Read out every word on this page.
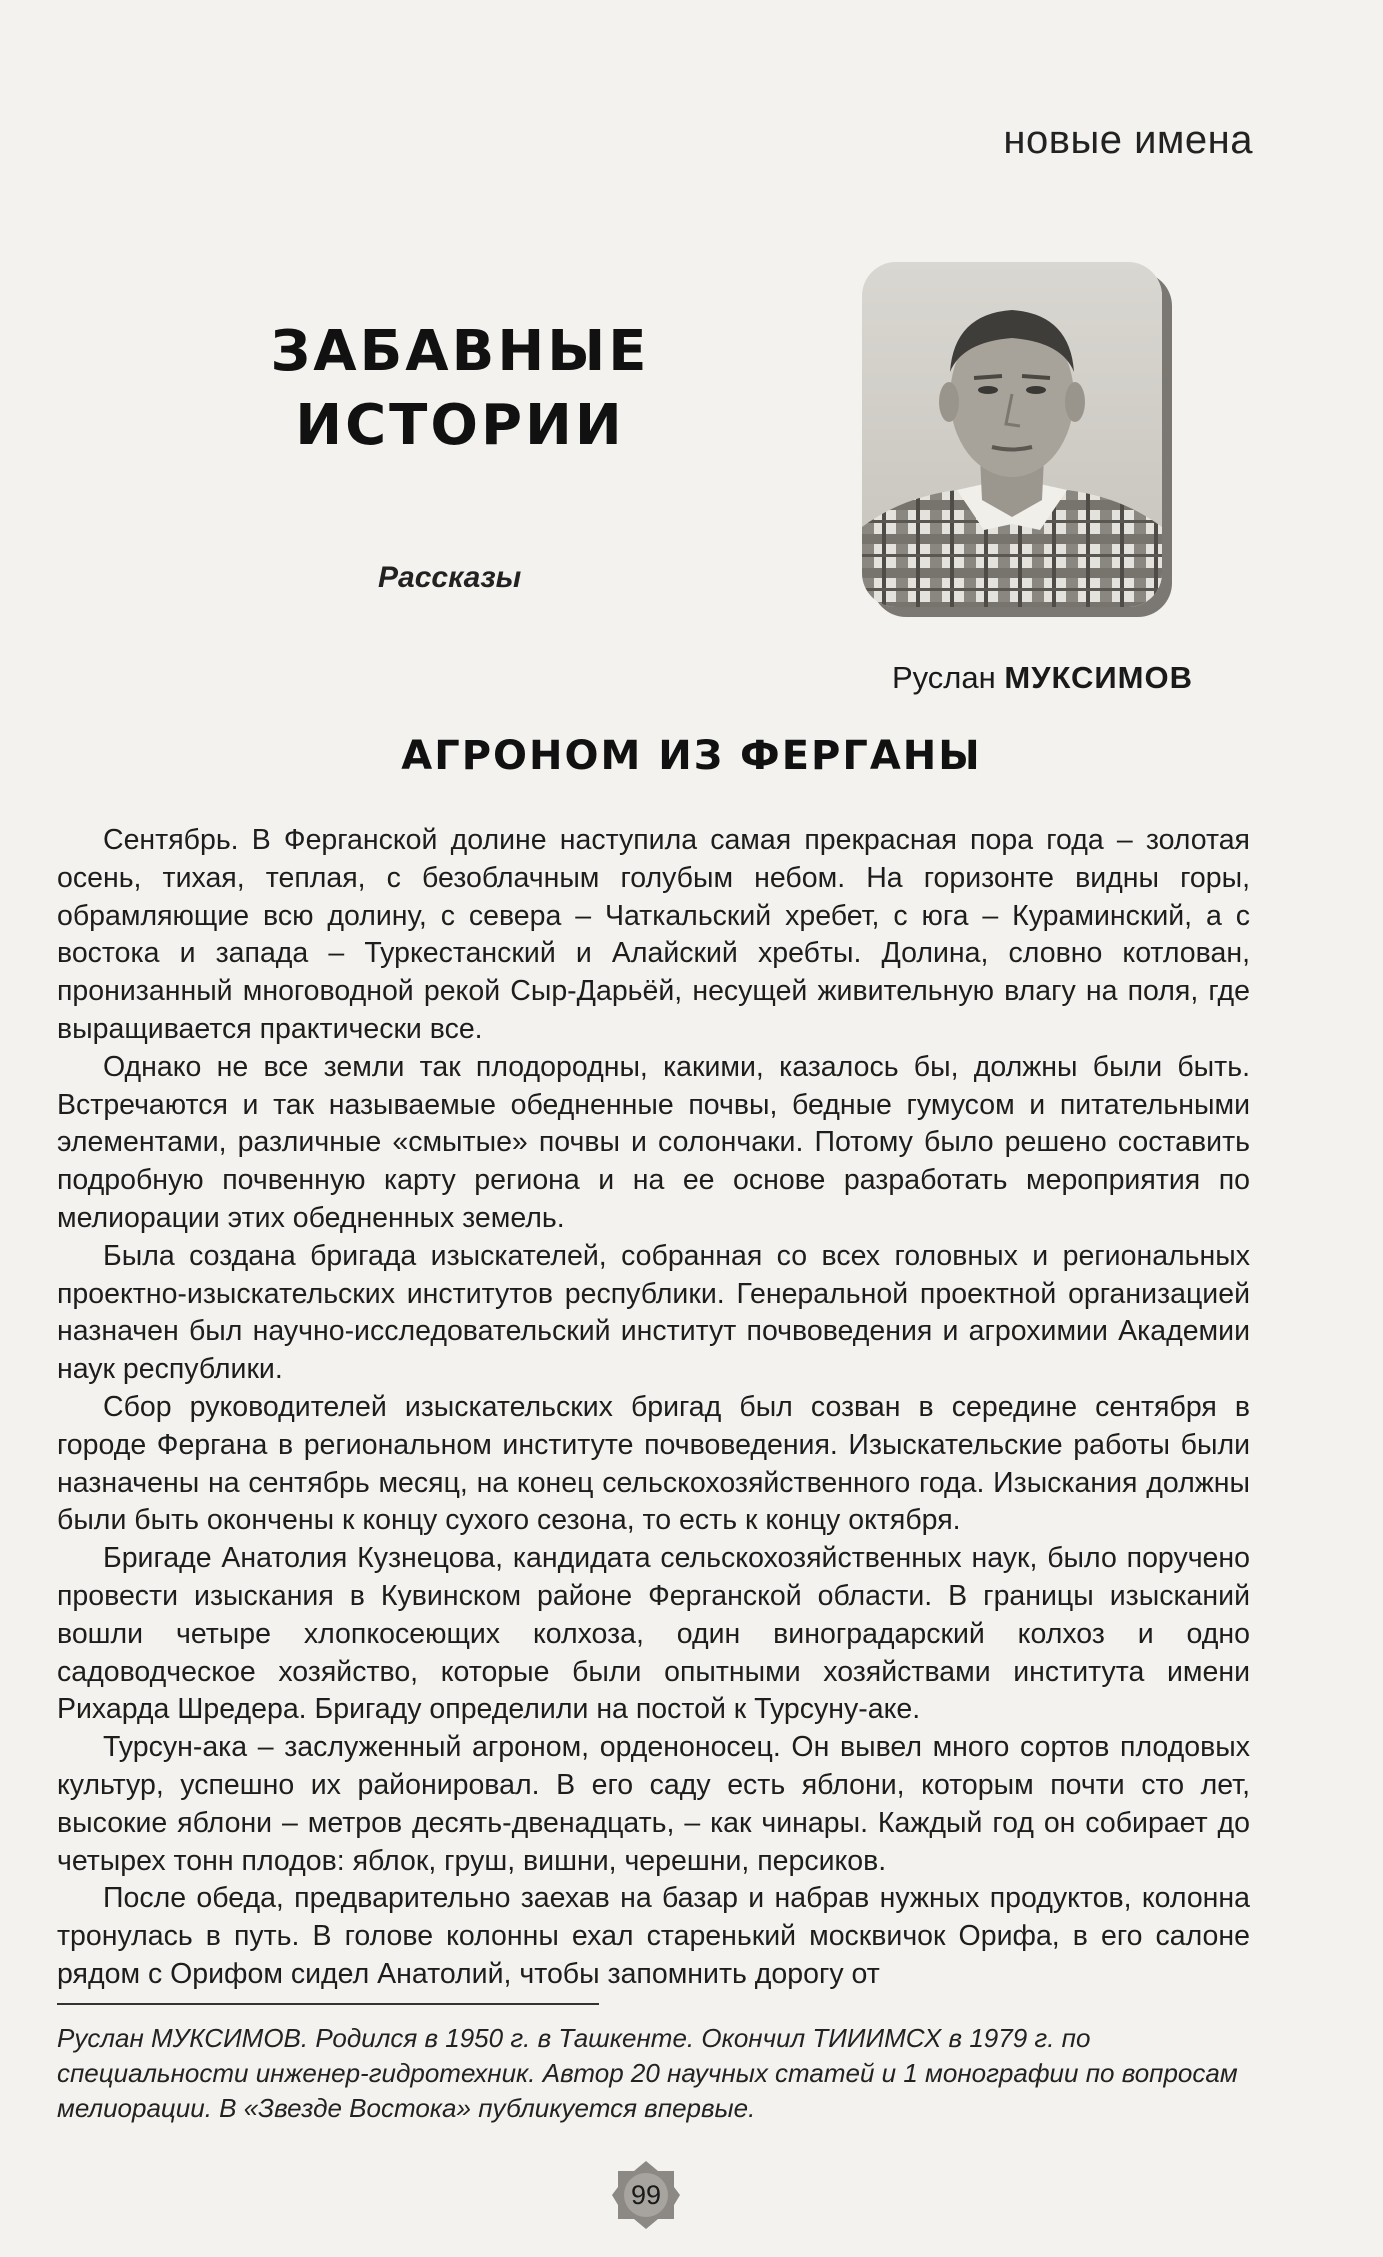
новые имена
ЗАБАВНЫЕ
ИСТОРИИ
Рассказы
Руслан МУКСИМОВ
АГРОНОМ ИЗ ФЕРГАНЫ

Сентябрь. В Ферганской долине наступила самая прекрасная пора года – золотая осень, тихая, теплая, с безоблачным голубым небом. На горизонте видны горы, обрамляющие всю долину, с севера – Чаткальский хребет, с юга – Кураминский, а с востока и запада – Туркестанский и Алайский хребты. Долина, словно котлован, пронизанный многоводной рекой Сыр-Дарьёй, несущей живительную влагу на поля, где выращивается практически все.

Однако не все земли так плодородны, какими, казалось бы, должны были быть. Встречаются и так называемые обедненные почвы, бедные гумусом и питательными элементами, различные «смытые» почвы и солончаки. Потому было решено составить подробную почвенную карту региона и на ее основе разработать мероприятия по мелиорации этих обедненных земель.

Была создана бригада изыскателей, собранная со всех головных и региональных проектно-изыскательских институтов республики. Генеральной проектной организацией назначен был научно-исследовательский институт почвоведения и агрохимии Академии наук республики.

Сбор руководителей изыскательских бригад был созван в середине сентября в городе Фергана в региональном институте почвоведения. Изыскательские работы были назначены на сентябрь месяц, на конец сельскохозяйственного года. Изыскания должны были быть окончены к концу сухого сезона, то есть к концу октября.

Бригаде Анатолия Кузнецова, кандидата сельскохозяйственных наук, было поручено провести изыскания в Кувинском районе Ферганской области. В границы изысканий вошли четыре хлопкосеющих колхоза, один виноградарский колхоз и одно садоводческое хозяйство, которые были опытными хозяйствами института имени Рихарда Шредера. Бригаду определили на постой к Турсуну-аке.

Турсун-ака – заслуженный агроном, орденоносец. Он вывел много сортов плодовых культур, успешно их районировал. В его саду есть яблони, которым почти сто лет, высокие яблони – метров десять-двенадцать, – как чинары. Каждый год он собирает до четырех тонн плодов: яблок, груш, вишни, черешни, персиков.

После обеда, предварительно заехав на базар и набрав нужных продуктов, колонна тронулась в путь. В голове колонны ехал старенький москвичок Орифа, в его салоне рядом с Орифом сидел Анатолий, чтобы запомнить дорогу от

Руслан МУКСИМОВ. Родился в 1950 г. в Ташкенте. Окончил ТИИИМСХ в 1979 г. по специальности инженер-гидротехник. Автор 20 научных статей и 1 монографии по вопросам мелиорации. В «Звезде Востока» публикуется впервые.

99
